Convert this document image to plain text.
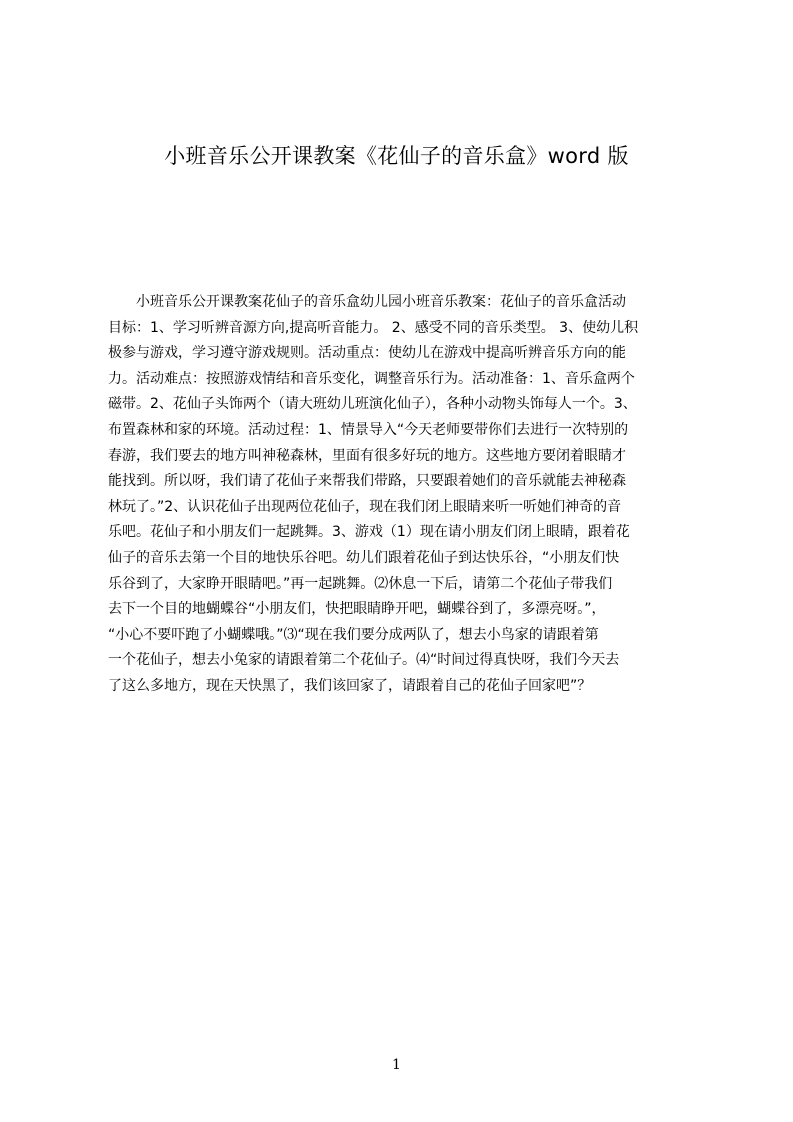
小班音乐公开课教案《花仙子的音乐盒》word 版
小班音乐公开课教案花仙子的音乐盒幼儿园小班音乐教案：花仙子的音乐盒活动
目标：1、学习听辨音源方向,提高听音能力。 2、感受不同的音乐类型。 3、使幼儿积
极参与游戏，学习遵守游戏规则。活动重点：使幼儿在游戏中提高听辨音乐方向的能
力。活动难点：按照游戏情结和音乐变化，调整音乐行为。活动准备：1、音乐盒两个
磁带。2、花仙子头饰两个（请大班幼儿班演化仙子），各种小动物头饰每人一个。3、
布置森林和家的环境。活动过程：1、情景导入“今天老师要带你们去进行一次特别的
春游，我们要去的地方叫神秘森林，里面有很多好玩的地方。这些地方要闭着眼睛才
能找到。所以呀，我们请了花仙子来帮我们带路，只要跟着她们的音乐就能去神秘森
林玩了。”2、认识花仙子出现两位花仙子，现在我们闭上眼睛来听一听她们神奇的音
乐吧。花仙子和小朋友们一起跳舞。3、游戏（1）现在请小朋友们闭上眼睛，跟着花
仙子的音乐去第一个目的地快乐谷吧。幼儿们跟着花仙子到达快乐谷，“小朋友们快
乐谷到了，大家睁开眼睛吧。”再一起跳舞。⑵休息一下后，请第二个花仙子带我们
去下一个目的地蝴蝶谷“小朋友们，快把眼睛睁开吧，蝴蝶谷到了，多漂亮呀。”，
“小心不要吓跑了小蝴蝶哦。”⑶“现在我们要分成两队了，想去小鸟家的请跟着第
一个花仙子，想去小兔家的请跟着第二个花仙子。⑷“时间过得真快呀，我们今天去
了这么多地方，现在天快黑了，我们该回家了，请跟着自己的花仙子回家吧”？
1
